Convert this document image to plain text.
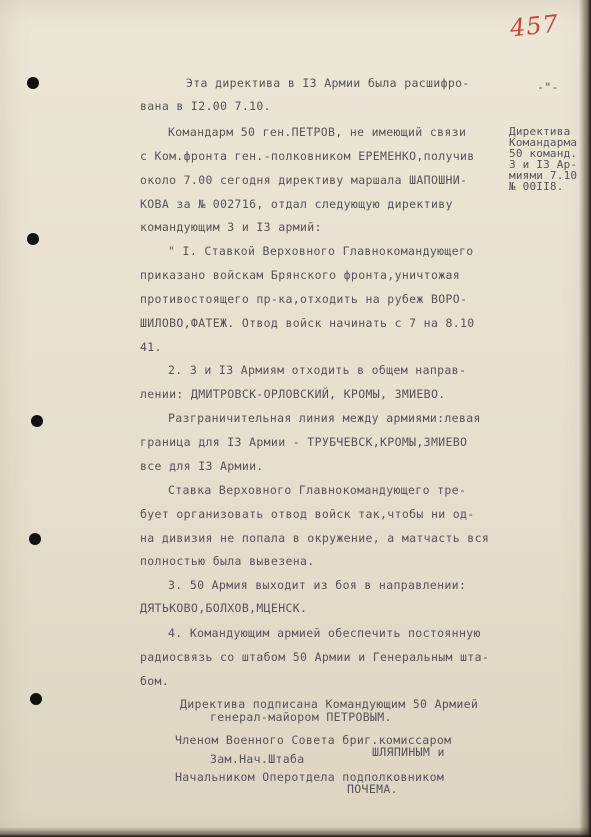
457
-"-
Эта директива в I3 Армии была расшифро-
вана в I2.00 7.10.
Командарм 50 ген.ПЕТРОВ, не имеющий связи
с Ком.фронта ген.-полковником ЕРЕМЕНКО,получив
около 7.00 сегодня директиву маршала ШАПОШНИ-
КОВА за № 002716, отдал следующую директиву
командующим 3 и I3 армий:
" I. Ставкой Верховного Главнокомандующего
приказано войскам Брянского фронта,уничтожая
противостоящего пр-ка,отходить на рубеж ВОРО-
ШИЛОВО,ФАТЕЖ. Отвод войск начинать с 7 на 8.10
41.
2. 3 и I3 Армиям отходить в общем направ-
лении: ДМИТРОВСК-ОРЛОВСКИЙ, КРОМЫ, ЗМИЕВО.
Разграничительная линия между армиями:левая
граница для I3 Армии - ТРУБЧЕВСК,КРОМЫ,ЗМИЕВО
все для I3 Армии.
Ставка Верховного Главнокомандующего тре-
бует организовать отвод войск так,чтобы ни од-
на дивизия не попала в окружение, а матчасть вся
полностью была вывезена.
3. 50 Армия выходит из боя в направлении:
ДЯТЬКОВО,БОЛХОВ,МЦЕНСК.
4. Командующим армией обеспечить постоянную
радиосвязь со штабом 50 Армии и Генеральным шта-
бом.
Директива подписана Командующим 50 Армией
генерал-майором ПЕТРОВЫМ.
Членом Военного Совета бриг.комиссаром
ШЛЯПИНЫМ и
Зам.Нач.Штаба
Начальником Оперотдела подполковником
ПОЧЕМА.
Директива
Командарма
50 команд.
3 и I3 Ар-
миями 7.10
№ 00II8.
